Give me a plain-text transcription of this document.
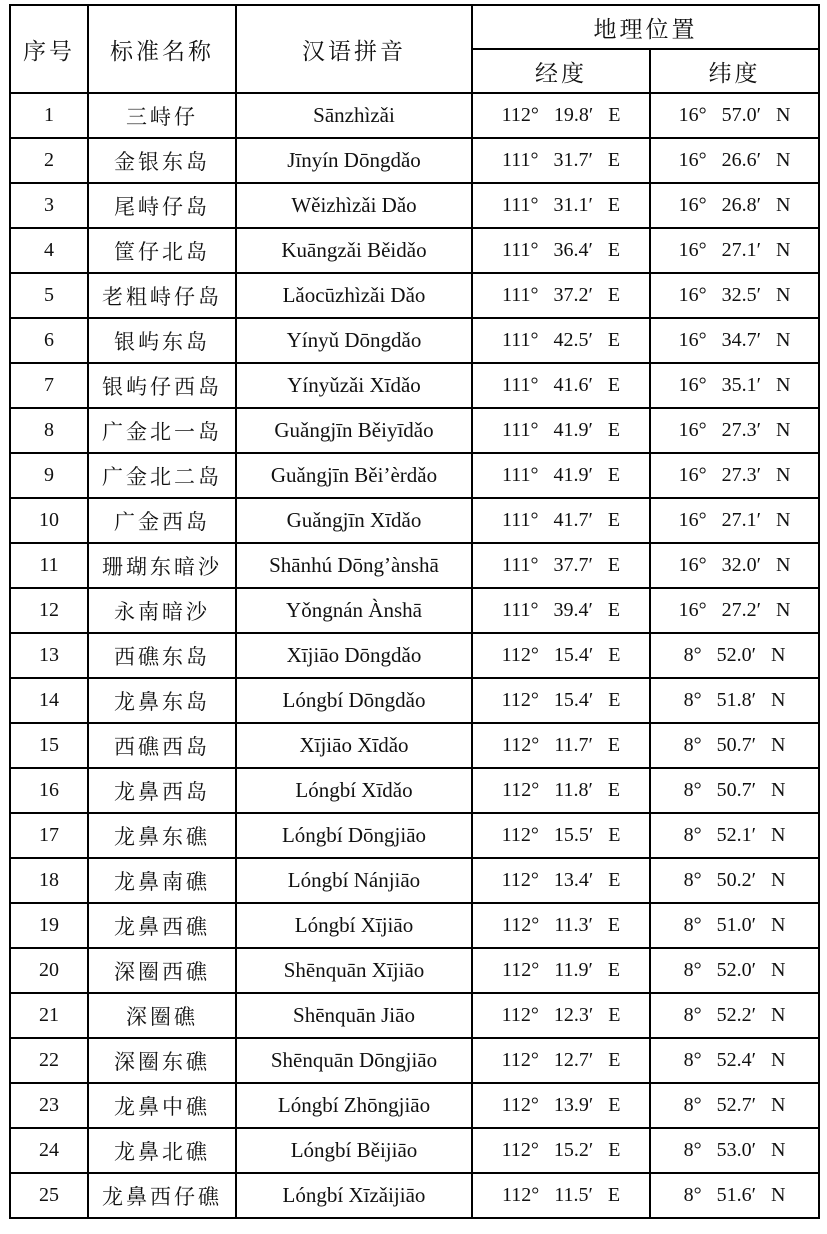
序号	标准名称	汉语拼音	地理位置	
			经度	纬度
1	三峙仔	Sānzhìzǎi	112° 19.8′ E	16° 57.0′ N
2	金银东岛	Jīnyín Dōngdǎo	111° 31.7′ E	16° 26.6′ N
3	尾峙仔岛	Wěizhìzǎi Dǎo	111° 31.1′ E	16° 26.8′ N
4	筐仔北岛	Kuāngzǎi Běidǎo	111° 36.4′ E	16° 27.1′ N
5	老粗峙仔岛	Lǎocūzhìzǎi Dǎo	111° 37.2′ E	16° 32.5′ N
6	银屿东岛	Yínyǔ Dōngdǎo	111° 42.5′ E	16° 34.7′ N
7	银屿仔西岛	Yínyǔzǎi Xīdǎo	111° 41.6′ E	16° 35.1′ N
8	广金北一岛	Guǎngjīn Běiyīdǎo	111° 41.9′ E	16° 27.3′ N
9	广金北二岛	Guǎngjīn Běi’èrdǎo	111° 41.9′ E	16° 27.3′ N
10	广金西岛	Guǎngjīn Xīdǎo	111° 41.7′ E	16° 27.1′ N
11	珊瑚东暗沙	Shānhú Dōng’ànshā	111° 37.7′ E	16° 32.0′ N
12	永南暗沙	Yǒngnán Ànshā	111° 39.4′ E	16° 27.2′ N
13	西礁东岛	Xījiāo Dōngdǎo	112° 15.4′ E	8° 52.0′ N
14	龙鼻东岛	Lóngbí Dōngdǎo	112° 15.4′ E	8° 51.8′ N
15	西礁西岛	Xījiāo Xīdǎo	112° 11.7′ E	8° 50.7′ N
16	龙鼻西岛	Lóngbí Xīdǎo	112° 11.8′ E	8° 50.7′ N
17	龙鼻东礁	Lóngbí Dōngjiāo	112° 15.5′ E	8° 52.1′ N
18	龙鼻南礁	Lóngbí Nánjiāo	112° 13.4′ E	8° 50.2′ N
19	龙鼻西礁	Lóngbí Xījiāo	112° 11.3′ E	8° 51.0′ N
20	深圈西礁	Shēnquān Xījiāo	112° 11.9′ E	8° 52.0′ N
21	深圈礁	Shēnquān Jiāo	112° 12.3′ E	8° 52.2′ N
22	深圈东礁	Shēnquān Dōngjiāo	112° 12.7′ E	8° 52.4′ N
23	龙鼻中礁	Lóngbí Zhōngjiāo	112° 13.9′ E	8° 52.7′ N
24	龙鼻北礁	Lóngbí Běijiāo	112° 15.2′ E	8° 53.0′ N
25	龙鼻西仔礁	Lóngbí Xīzǎijiāo	112° 11.5′ E	8° 51.6′ N
